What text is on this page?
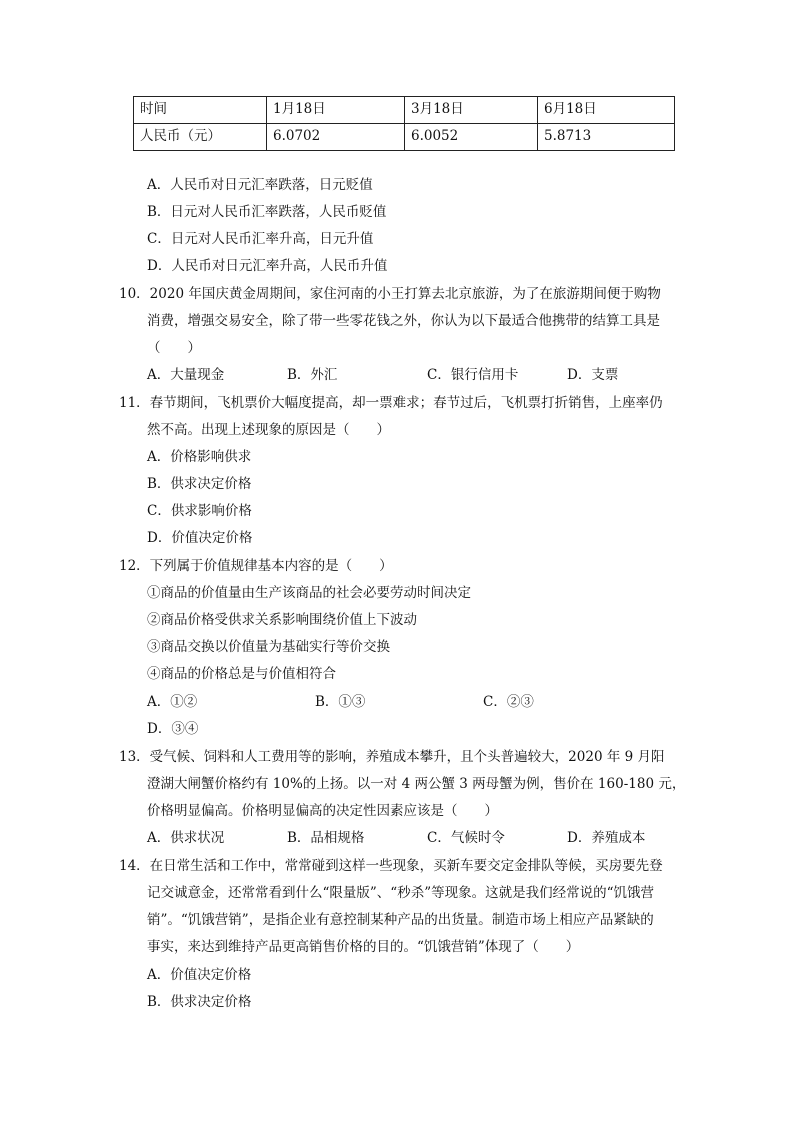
时间	1月18日	3月18日	6月18日
人民币（元）	6.0702	6.0052	5.8713
A．人民币对日元汇率跌落，日元贬值
B．日元对人民币汇率跌落，人民币贬值
C．日元对人民币汇率升高，日元升值
D．人民币对日元汇率升高，人民币升值
10．2020 年国庆黄金周期间，家住河南的小王打算去北京旅游，为了在旅游期间便于购物
消费，增强交易安全，除了带一些零花钱之外，你认为以下最适合他携带的结算工具是
（　　）
A．大量现金	B．外汇	C．银行信用卡	D．支票
11．春节期间，飞机票价大幅度提高，却一票难求；春节过后，飞机票打折销售，上座率仍
然不高。出现上述现象的原因是（　　）
A．价格影响供求
B．供求决定价格
C．供求影响价格
D．价值决定价格
12．下列属于价值规律基本内容的是（　　）
①商品的价值量由生产该商品的社会必要劳动时间决定
②商品价格受供求关系影响围绕价值上下波动
③商品交换以价值量为基础实行等价交换
④商品的价格总是与价值相符合
A．①②	B．①③	C．②③
D．③④
13．受气候、饲料和人工费用等的影响，养殖成本攀升，且个头普遍较大，2020 年 9 月阳
澄湖大闸蟹价格约有 10%的上扬。以一对 4 两公蟹 3 两母蟹为例，售价在 160-180 元，
价格明显偏高。价格明显偏高的决定性因素应该是（　　）
A．供求状况	B．品相规格	C．气候时令	D．养殖成本
14．在日常生活和工作中，常常碰到这样一些现象，买新车要交定金排队等候，买房要先登
记交诚意金，还常常看到什么“限量版”、“秒杀”等现象。这就是我们经常说的“饥饿营
销”。“饥饿营销”，是指企业有意控制某种产品的出货量。制造市场上相应产品紧缺的
事实，来达到维持产品更高销售价格的目的。“饥饿营销”体现了（　　）
A．价值决定价格
B．供求决定价格
